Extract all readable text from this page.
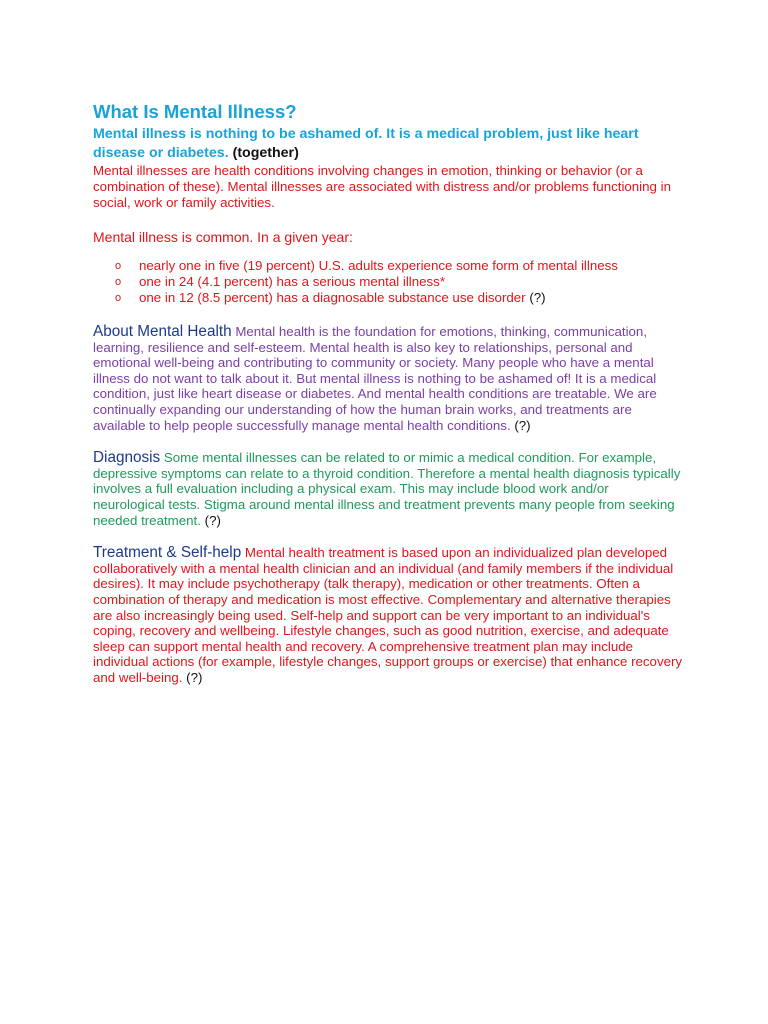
What Is Mental Illness?
Mental illness is nothing to be ashamed of. It is a medical problem, just like heart disease or diabetes. (together)
Mental illnesses are health conditions involving changes in emotion, thinking or behavior (or a combination of these). Mental illnesses are associated with distress and/or problems functioning in social, work or family activities.
Mental illness is common. In a given year:
o nearly one in five (19 percent) U.S. adults experience some form of mental illness
o one in 24 (4.1 percent) has a serious mental illness*
o one in 12 (8.5 percent) has a diagnosable substance use disorder (?)
About Mental Health Mental health is the foundation for emotions, thinking, communication, learning, resilience and self-esteem. Mental health is also key to relationships, personal and emotional well-being and contributing to community or society. Many people who have a mental illness do not want to talk about it. But mental illness is nothing to be ashamed of! It is a medical condition, just like heart disease or diabetes. And mental health conditions are treatable. We are continually expanding our understanding of how the human brain works, and treatments are available to help people successfully manage mental health conditions. (?)
Diagnosis Some mental illnesses can be related to or mimic a medical condition. For example, depressive symptoms can relate to a thyroid condition. Therefore a mental health diagnosis typically involves a full evaluation including a physical exam. This may include blood work and/or neurological tests. Stigma around mental illness and treatment prevents many people from seeking needed treatment. (?)
Treatment & Self-help Mental health treatment is based upon an individualized plan developed collaboratively with a mental health clinician and an individual (and family members if the individual desires). It may include psychotherapy (talk therapy), medication or other treatments. Often a combination of therapy and medication is most effective. Complementary and alternative therapies are also increasingly being used. Self-help and support can be very important to an individual's coping, recovery and wellbeing. Lifestyle changes, such as good nutrition, exercise, and adequate sleep can support mental health and recovery. A comprehensive treatment plan may include individual actions (for example, lifestyle changes, support groups or exercise) that enhance recovery and well-being. (?)
